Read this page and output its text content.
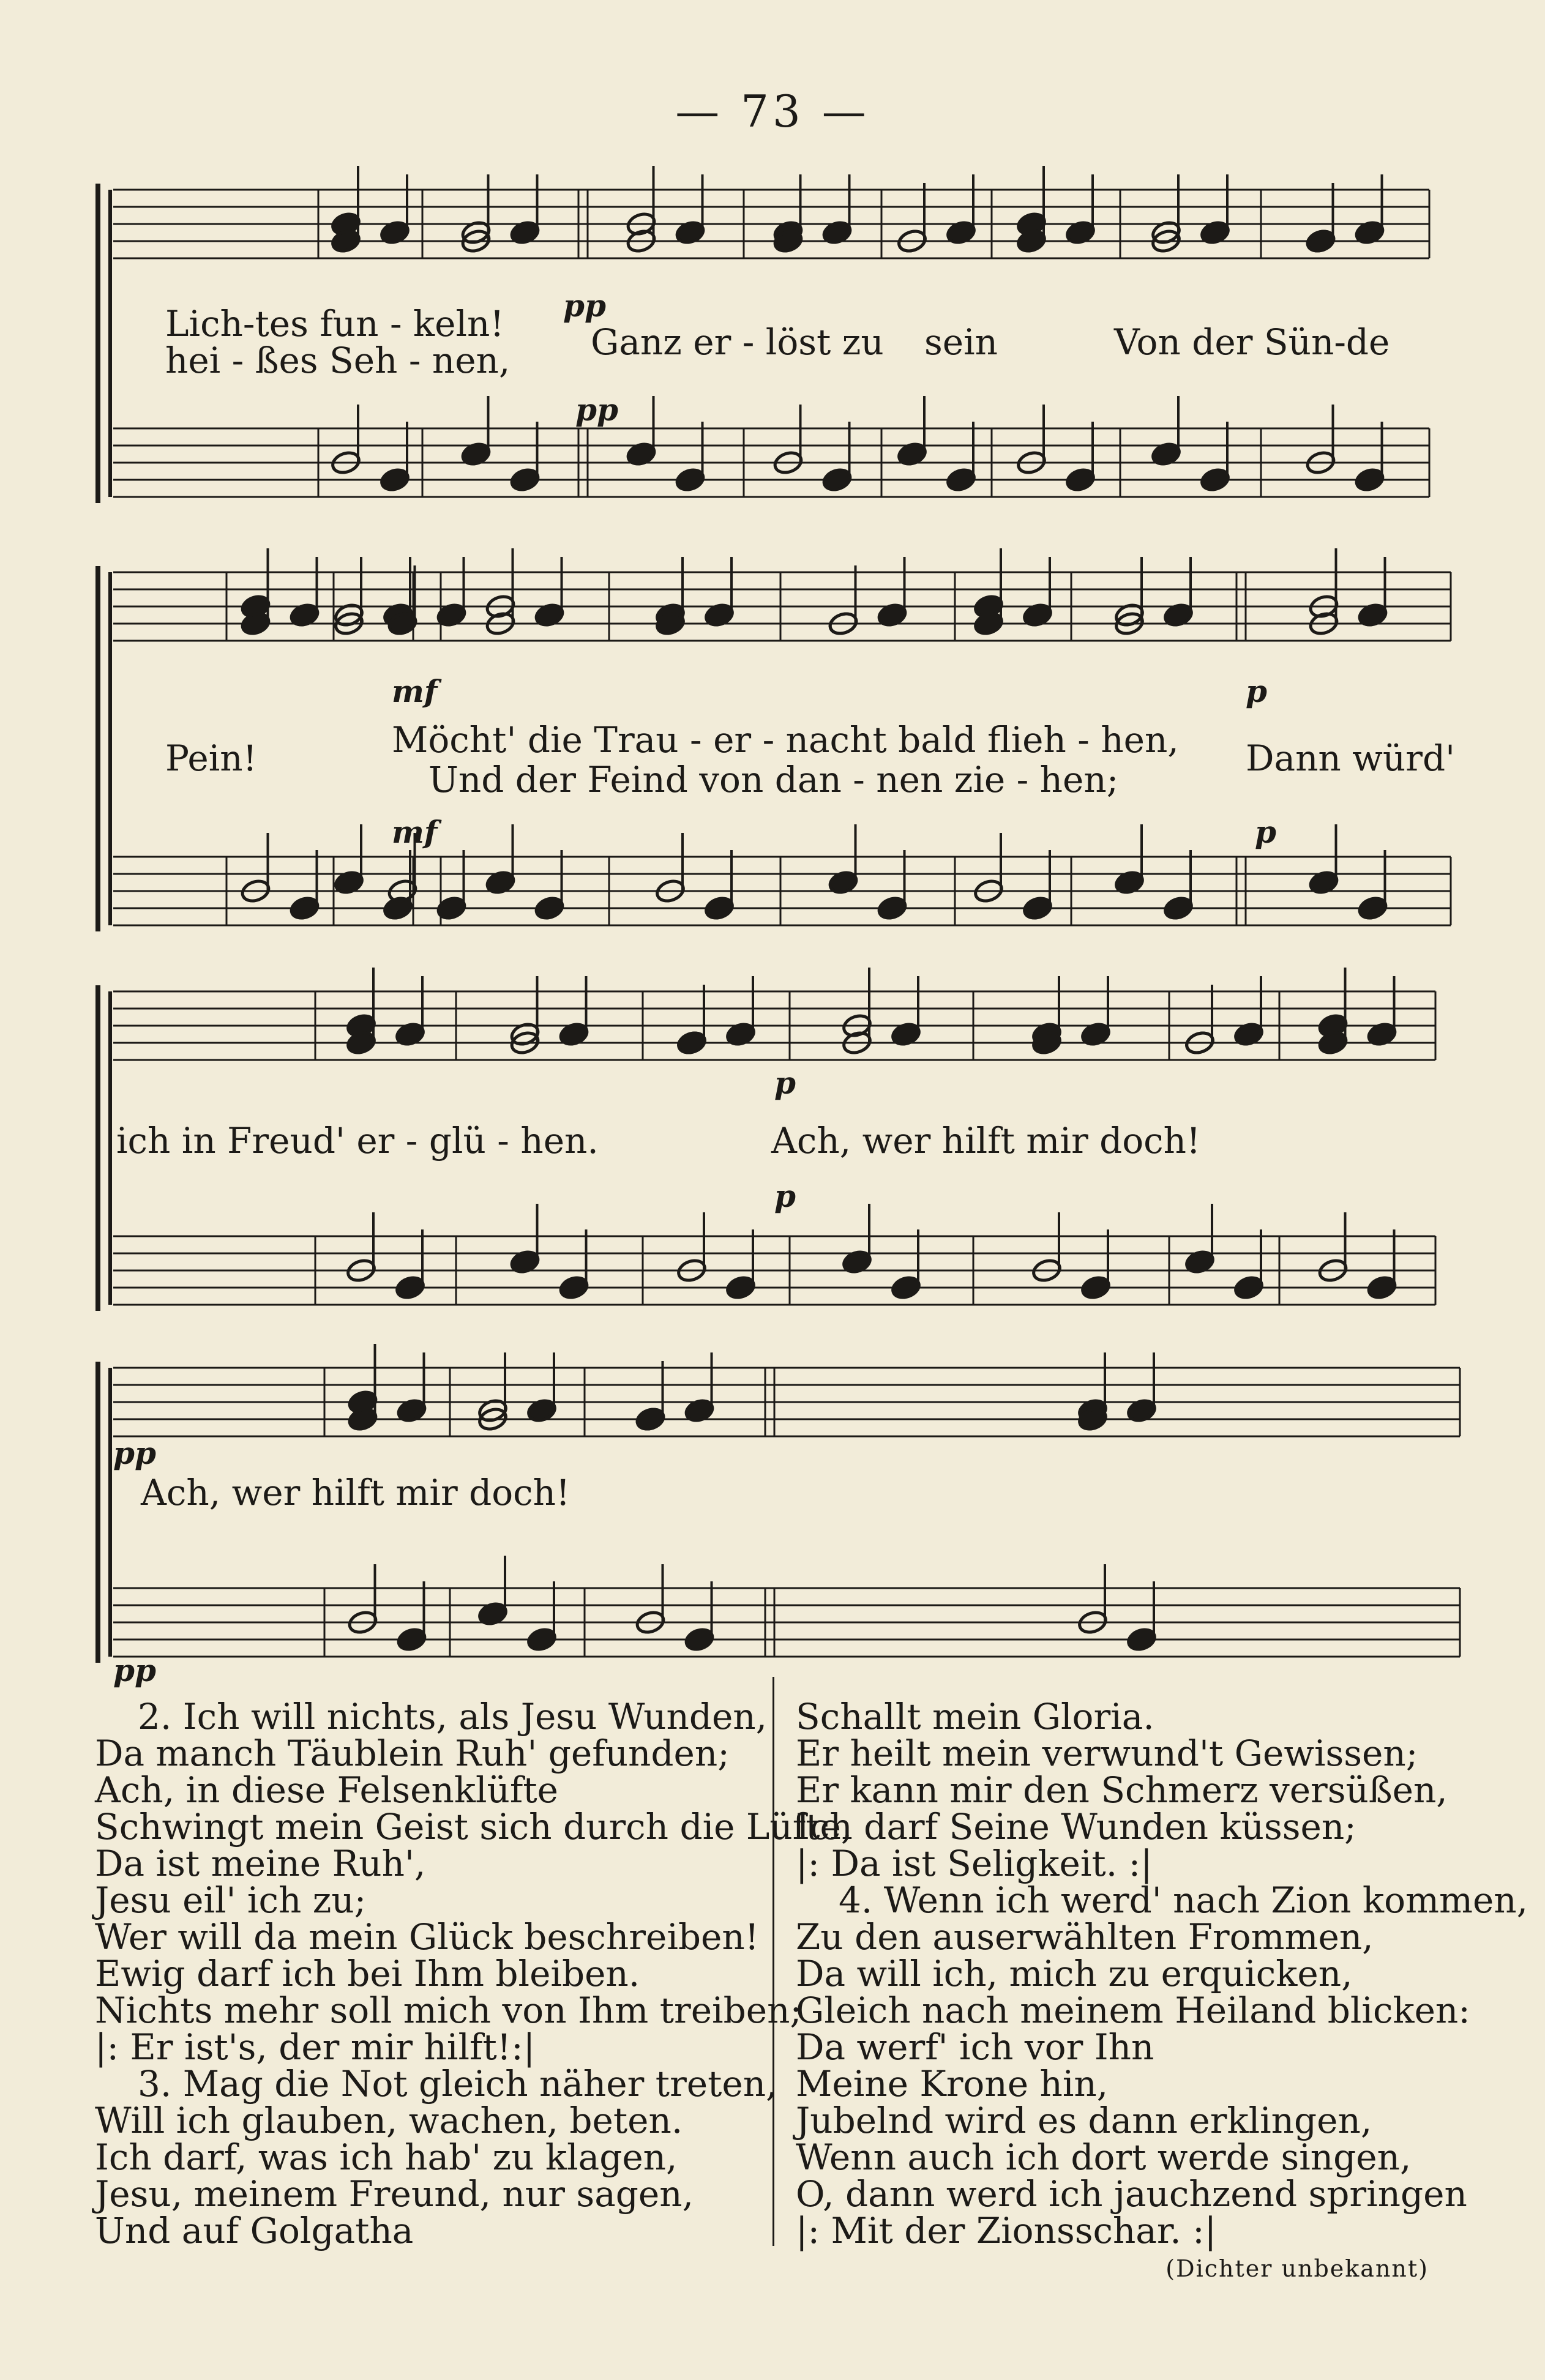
— 73 —
Lich-tes fun - keln! Ganz er - löst zu sein	Von der Sün-de
hei - ßes Seh - nen,
Pein!	Möcht' die Trau - er - nacht bald flieh - hen, Dann würd'
Und der Feind von dan - nen zie - hen;
ich in Freud' er - glü - hen.	Ach, wer hilft mir doch!
Ach, wer hilft mir doch!
pp
pp
mf
mf
p
p
p
p
pp
pp
2. Ich will nichts, als Jesu Wunden,
Da manch Täublein Ruh' gefunden;
Ach, in diese Felsenklüfte
Schwingt mein Geist sich durch die Lüfte,
Da ist meine Ruh',
Jesu eil' ich zu;
Wer will da mein Glück beschreiben!
Ewig darf ich bei Ihm bleiben.
Nichts mehr soll mich von Ihm treiben;
|: Er ist's, der mir hilft!:|
3. Mag die Not gleich näher treten,
Will ich glauben, wachen, beten.
Ich darf, was ich hab' zu klagen,
Jesu, meinem Freund, nur sagen,
Und auf Golgatha
Schallt mein Gloria.
Er heilt mein verwund't Gewissen;
Er kann mir den Schmerz versüßen,
Ich darf Seine Wunden küssen;
|: Da ist Seligkeit. :|
4. Wenn ich werd' nach Zion kommen,
Zu den auserwählten Frommen,
Da will ich, mich zu erquicken,
Gleich nach meinem Heiland blicken:
Da werf' ich vor Ihn
Meine Krone hin,
Jubelnd wird es dann erklingen,
Wenn auch ich dort werde singen,
O, dann werd ich jauchzend springen
|: Mit der Zionsschar. :|
(Dichter unbekannt)
